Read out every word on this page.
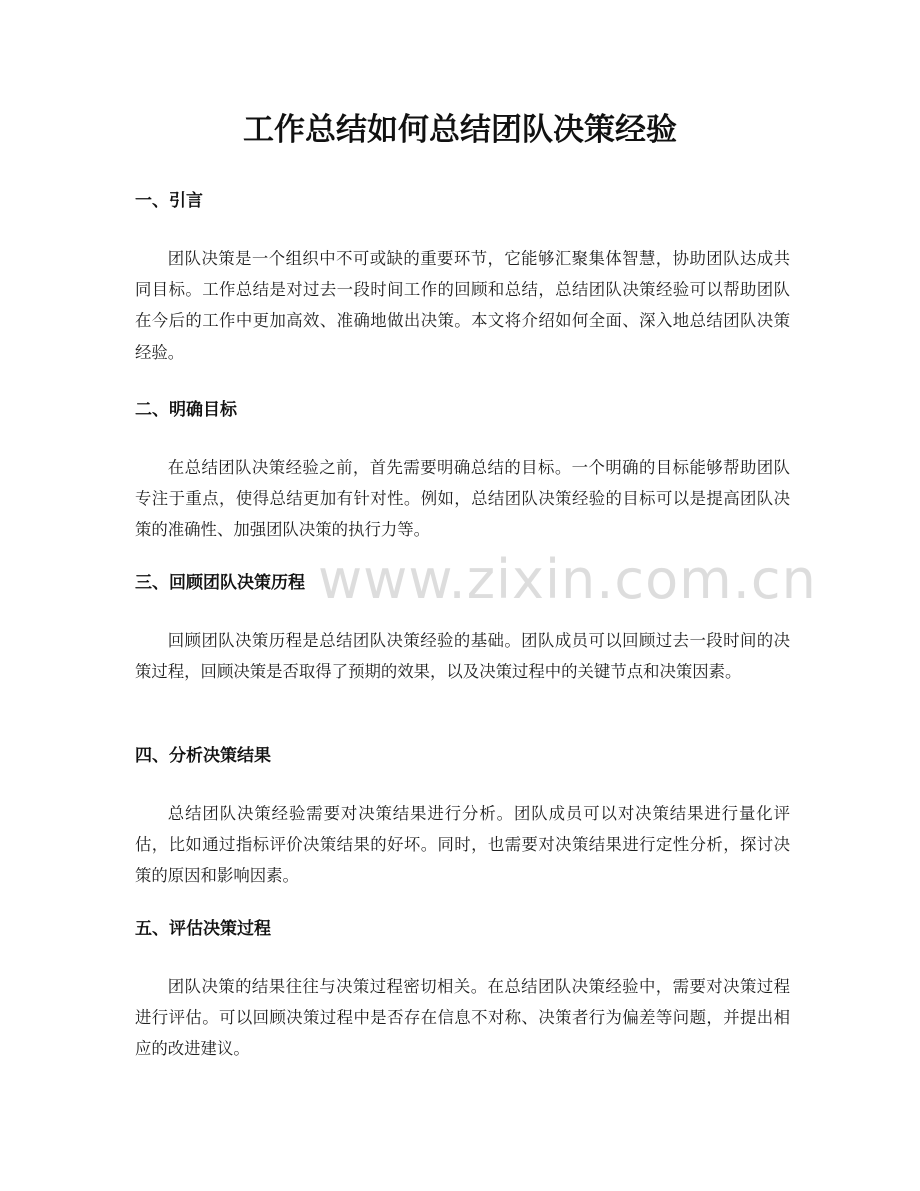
工作总结如何总结团队决策经验
www.zixin.com.cn
一、引言

团队决策是一个组织中不可或缺的重要环节，它能够汇聚集体智慧，协助团队达成共同目标。工作总结是对过去一段时间工作的回顾和总结，总结团队决策经验可以帮助团队在今后的工作中更加高效、准确地做出决策。本文将介绍如何全面、深入地总结团队决策经验。

二、明确目标

在总结团队决策经验之前，首先需要明确总结的目标。一个明确的目标能够帮助团队专注于重点，使得总结更加有针对性。例如，总结团队决策经验的目标可以是提高团队决策的准确性、加强团队决策的执行力等。

三、回顾团队决策历程

回顾团队决策历程是总结团队决策经验的基础。团队成员可以回顾过去一段时间的决策过程，回顾决策是否取得了预期的效果，以及决策过程中的关键节点和决策因素。

四、分析决策结果

总结团队决策经验需要对决策结果进行分析。团队成员可以对决策结果进行量化评估，比如通过指标评价决策结果的好坏。同时，也需要对决策结果进行定性分析，探讨决策的原因和影响因素。

五、评估决策过程

团队决策的结果往往与决策过程密切相关。在总结团队决策经验中，需要对决策过程进行评估。可以回顾决策过程中是否存在信息不对称、决策者行为偏差等问题，并提出相应的改进建议。
